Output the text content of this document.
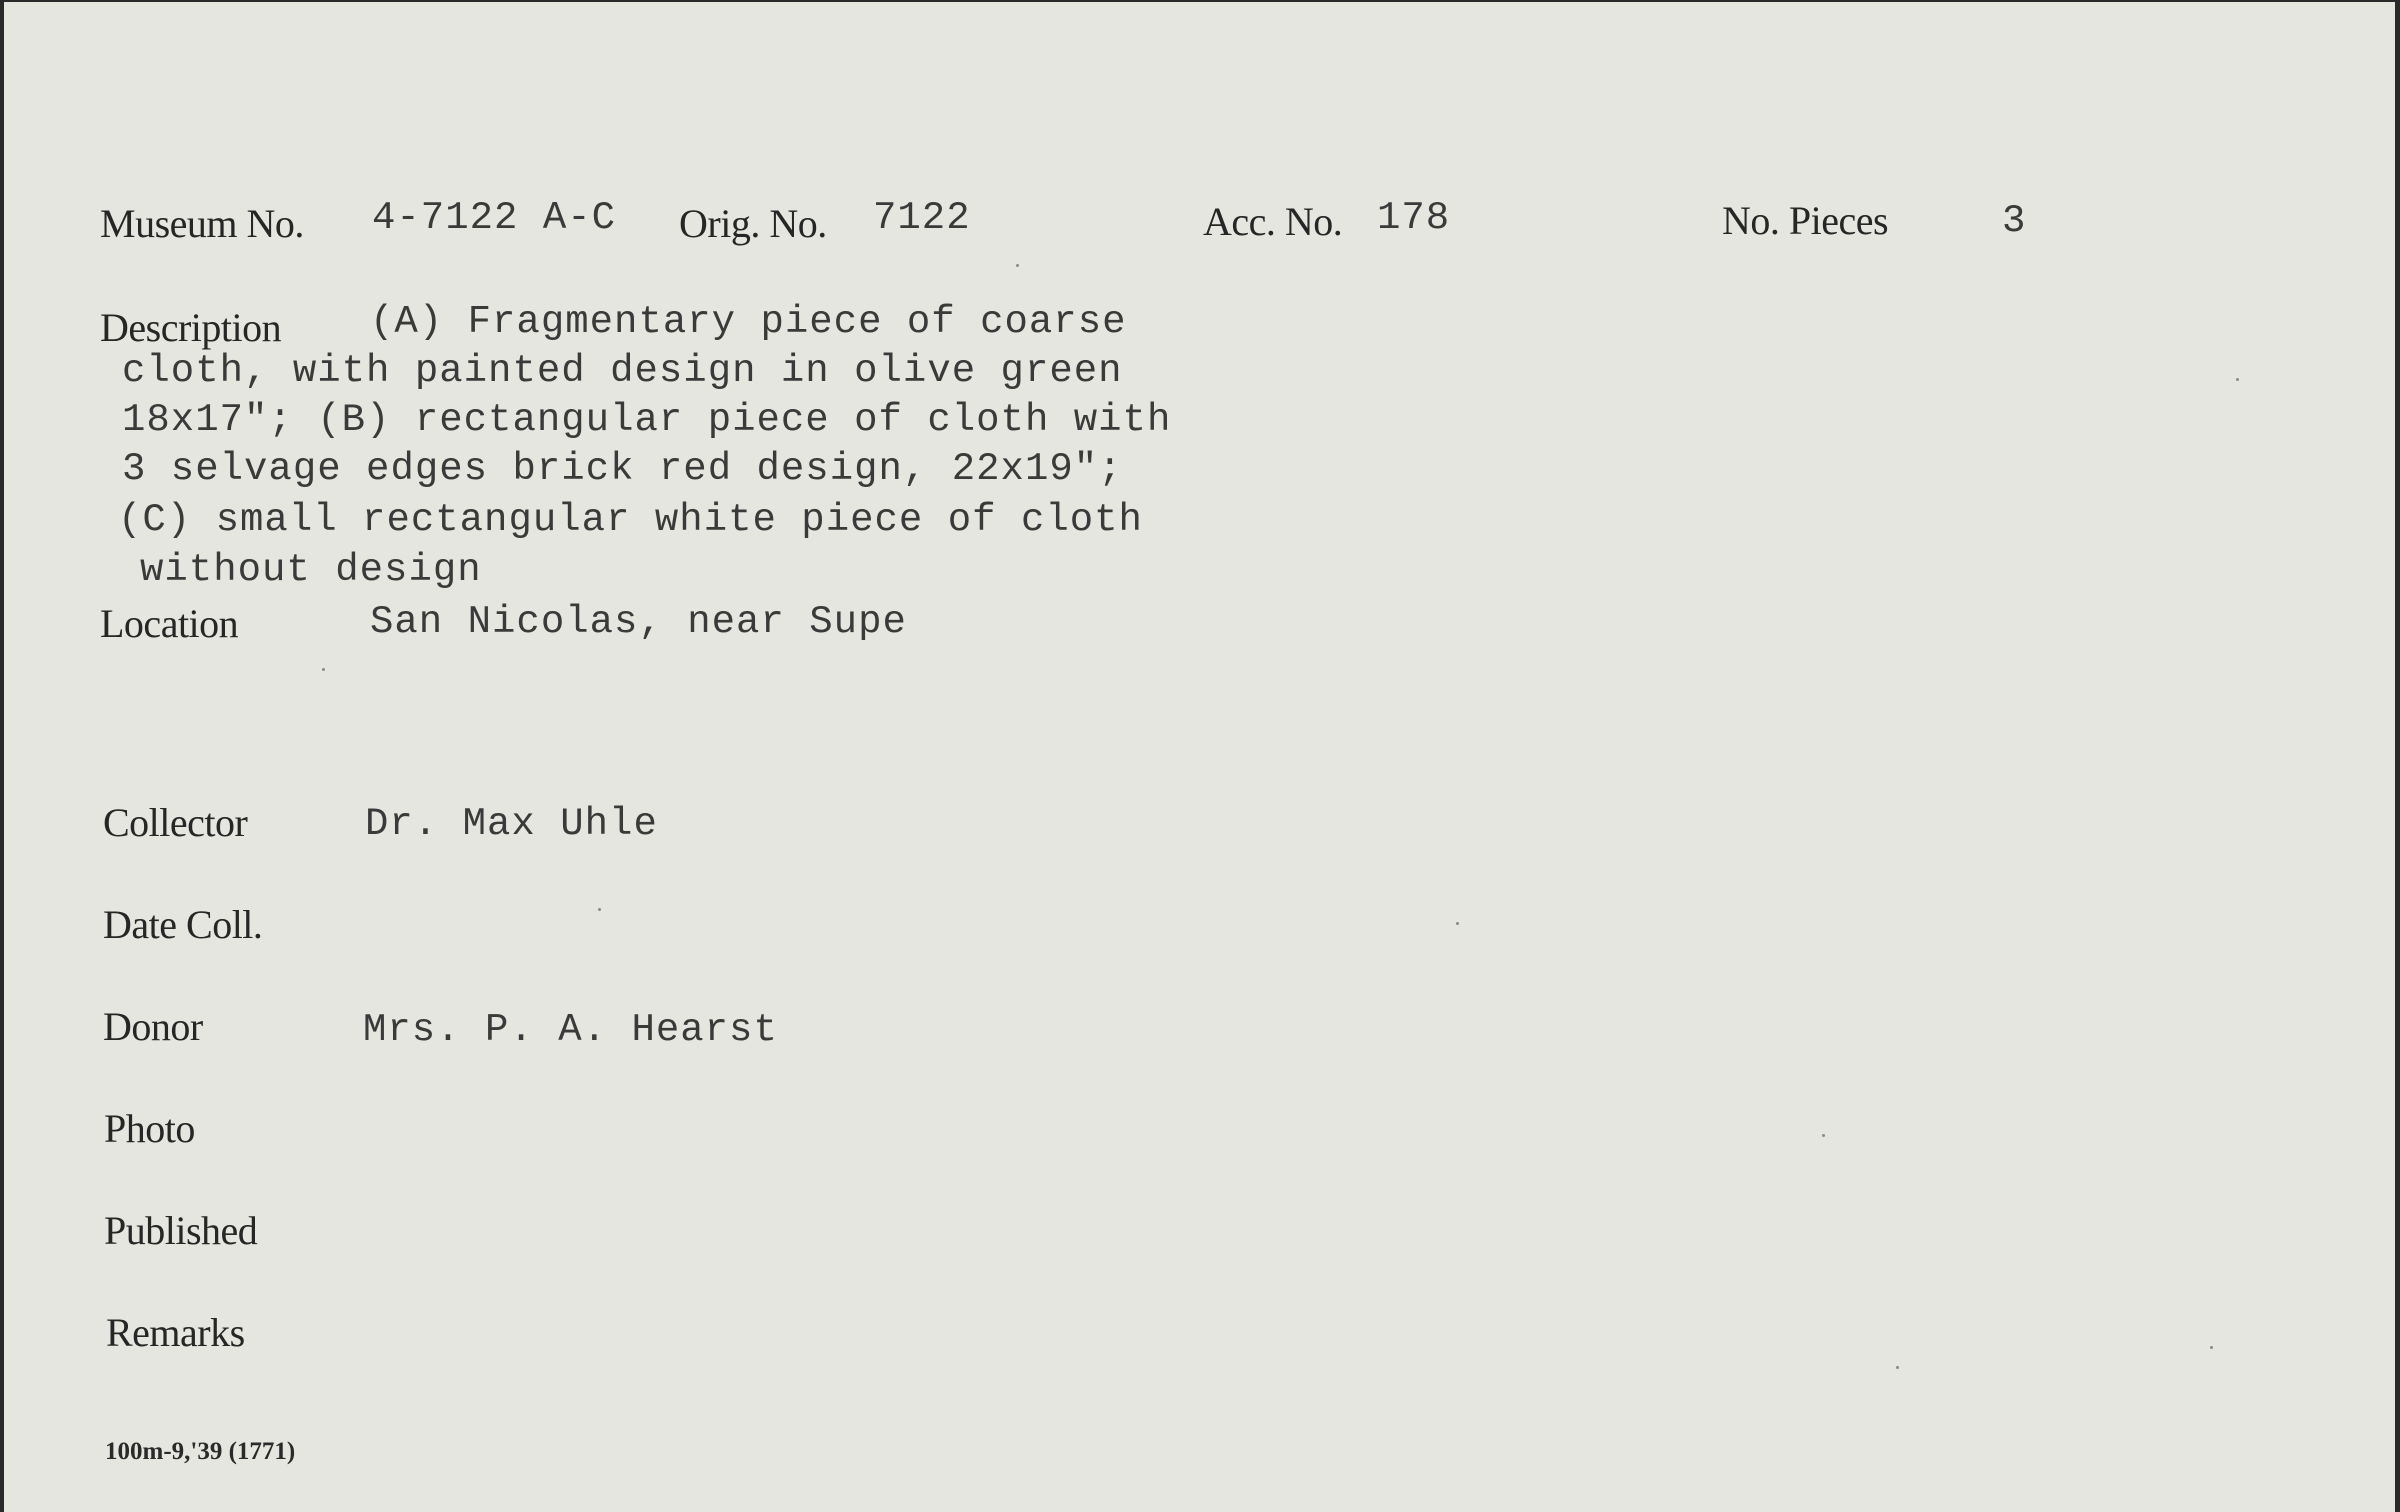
Museum No. 4-7122 A-C Orig. No. 7122	Acc. No. 178	No. Pieces	3
Description (A) Fragmentary piece of coarse
cloth, with painted design in olive green
18x17"; (B) rectangular piece of cloth with
3 selvage edges brick red design, 22x19";
(C) small rectangular white piece of cloth
without design
Location	San Nicolas, near Supe
Collector	Dr. Max Uhle
Date Coll.
Donor	Mrs. P. A. Hearst
Photo
Published
Remarks
100m-9,'39 (1771)
